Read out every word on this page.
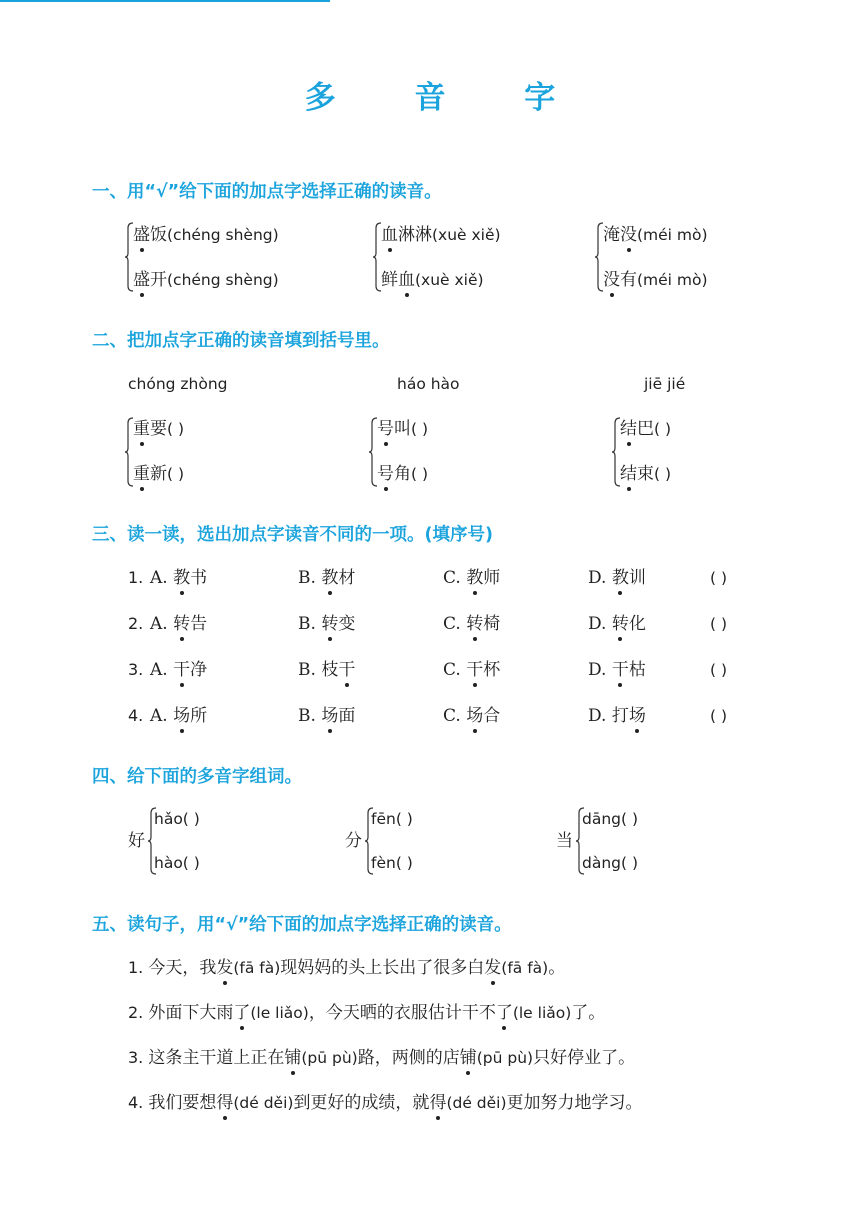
多 音 字
一、用“√”给下面的加点字选择正确的读音。
二、把加点字正确的读音填到括号里。
三、读一读，选出加点字读音不同的一项。(填序号)
四、给下面的多音字组词。
五、读句子，用“√”给下面的加点字选择正确的读音。
盛饭(chéng shèng)
盛开(chéng shèng)
血淋淋(xuè xiě)
鲜血(xuè xiě)
淹没(méi mò)
没有(méi mò)
chóng zhòng
重要( )
重新( )
háo hào
号叫( )
号角( )
jiē jié
结巴( )
结束( )
1. A. 教书	B. 教材	C. 教师	D. 教训	( )
2. A. 转告	B. 转变	C. 转椅	D. 转化	( )
3. A. 干净	B. 枝干	C. 干杯	D. 干枯	( )
4. A. 场所	B. 场面	C. 场合	D. 打场	( )
好
hǎo( )
hào( )
分
fēn( )
fèn( )
当
dāng( )
dàng( )
1. 今天，我发(fā fà)现妈妈的头上长出了很多白发(fā fà)。
2. 外面下大雨了(le liǎo)，今天晒的衣服估计干不了(le liǎo)了。
3. 这条主干道上正在铺(pū pù)路，两侧的店铺(pū pù)只好停业了。
4. 我们要想得(dé děi)到更好的成绩，就得(dé děi)更加努力地学习。
